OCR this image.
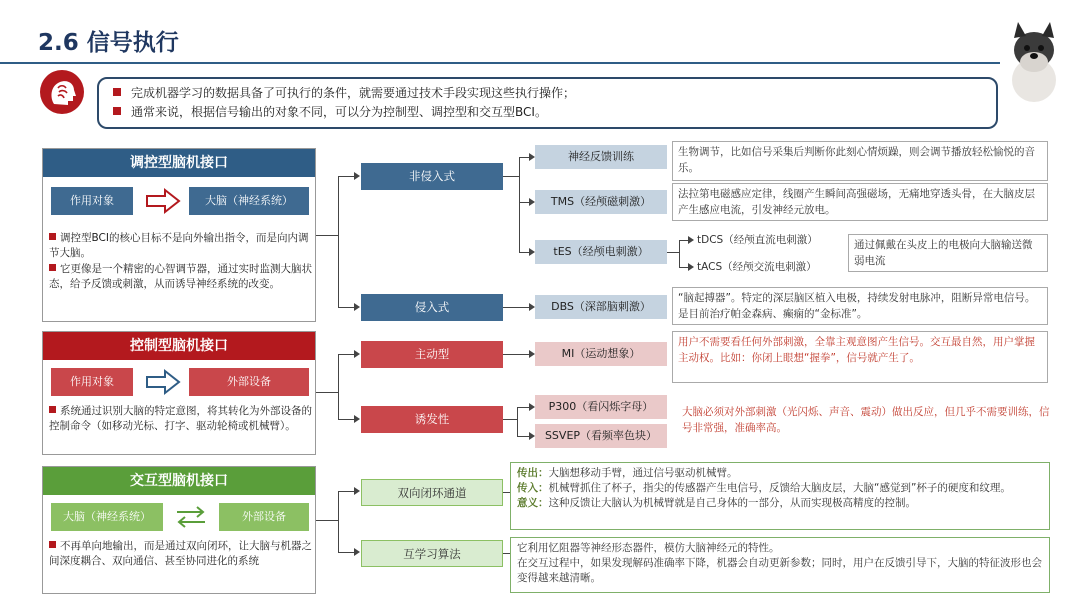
2.6 信号执行
完成机器学习的数据具备了可执行的条件，就需要通过技术手段实现这些执行操作；
通常来说，根据信号输出的对象不同，可以分为控制型、调控型和交互型BCI。
调控型脑机接口
作用对象	大脑（神经系统）
调控型BCI的核心目标不是向外输出指令，而是向内调节大脑。
它更像是一个精密的心智调节器，通过实时监测大脑状态，给予反馈或刺激，从而诱导神经系统的改变。
控制型脑机接口
作用对象	外部设备
系统通过识别大脑的特定意图，将其转化为外部设备的控制命令（如移动光标、打字、驱动轮椅或机械臂）。
交互型脑机接口
大脑（神经系统）	外部设备
不再单向地输出，而是通过双向闭环，让大脑与机器之间深度耦合、双向通信、甚至协同进化的系统
非侵入式
侵入式
神经反馈训练
TMS（经颅磁刺激）
tES（经颅电刺激）
DBS（深部脑刺激）
生物调节，比如信号采集后判断你此刻心情烦躁，则会调节播放轻松愉悦的音乐。
法拉第电磁感应定律，线圈产生瞬间高强磁场，无痛地穿透头骨，在大脑皮层产生感应电流，引发神经元放电。
tDCS（经颅直流电刺激）
tACS（经颅交流电刺激）
通过佩戴在头皮上的电极向大脑输送微弱电流
“脑起搏器”。特定的深层脑区植入电极，持续发射电脉冲，阻断异常电信号。是目前治疗帕金森病、癫痫的“金标准”。
主动型
诱发性
MI（运动想象）
P300（看闪烁字母）
SSVEP（看频率色块）
用户不需要看任何外部刺激，全靠主观意图产生信号。交互最自然，用户掌握主动权。比如：你闭上眼想“握拳”，信号就产生了。
大脑必须对外部刺激（光闪烁、声音、震动）做出反应，但几乎不需要训练，信号非常强，准确率高。
双向闭环通道
互学习算法
传出：大脑想移动手臂，通过信号驱动机械臂。
传入：机械臂抓住了杯子，指尖的传感器产生电信号，反馈给大脑皮层，大脑“感觉到”杯子的硬度和纹理。
意义：这种反馈让大脑认为机械臂就是自己身体的一部分，从而实现极高精度的控制。
它利用忆阻器等神经形态器件，模仿大脑神经元的特性。
在交互过程中，如果发现解码准确率下降，机器会自动更新参数；同时，用户在反馈引导下，大脑的特征波形也会变得越来越清晰。
